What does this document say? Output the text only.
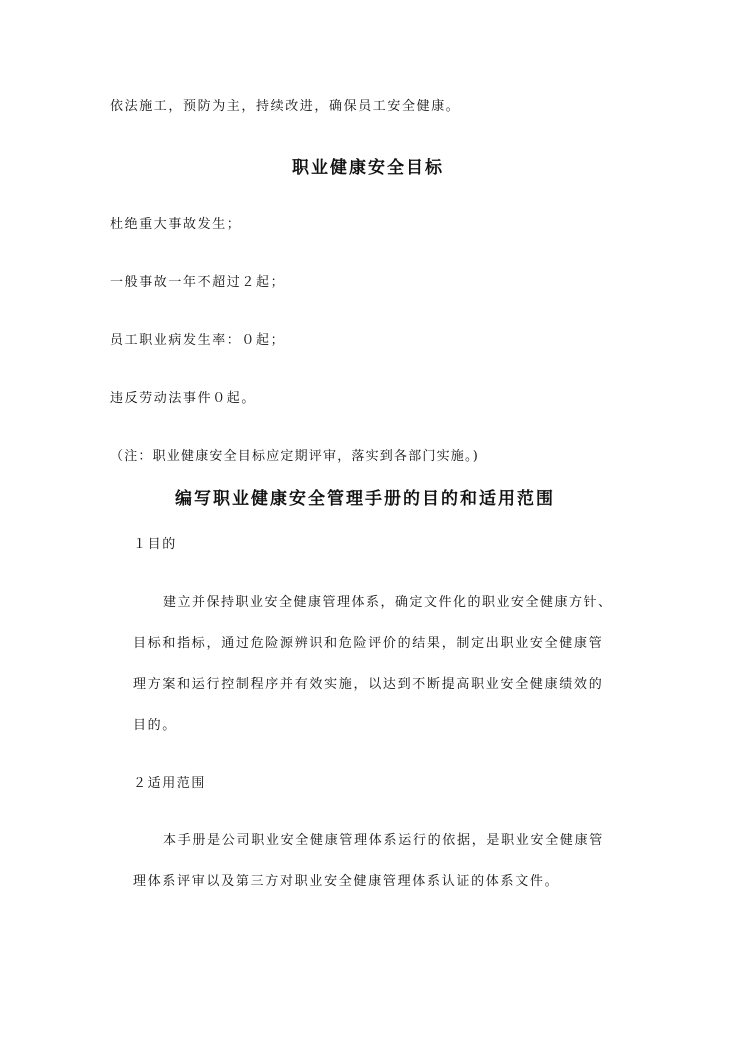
依法施工，预防为主，持续改进，确保员工安全健康。
职业健康安全目标
杜绝重大事故发生；
一般事故一年不超过２起；
员工职业病发生率：０起；
违反劳动法事件０起。
（注：职业健康安全目标应定期评审，落实到各部门实施。)
编写职业健康安全管理手册的目的和适用范围
１目的
建立并保持职业安全健康管理体系，确定文件化的职业安全健康方针、
目标和指标，通过危险源辨识和危险评价的结果，制定出职业安全健康管
理方案和运行控制程序并有效实施，以达到不断提高职业安全健康绩效的
目的。
２适用范围
本手册是公司职业安全健康管理体系运行的依据，是职业安全健康管
理体系评审以及第三方对职业安全健康管理体系认证的体系文件。
